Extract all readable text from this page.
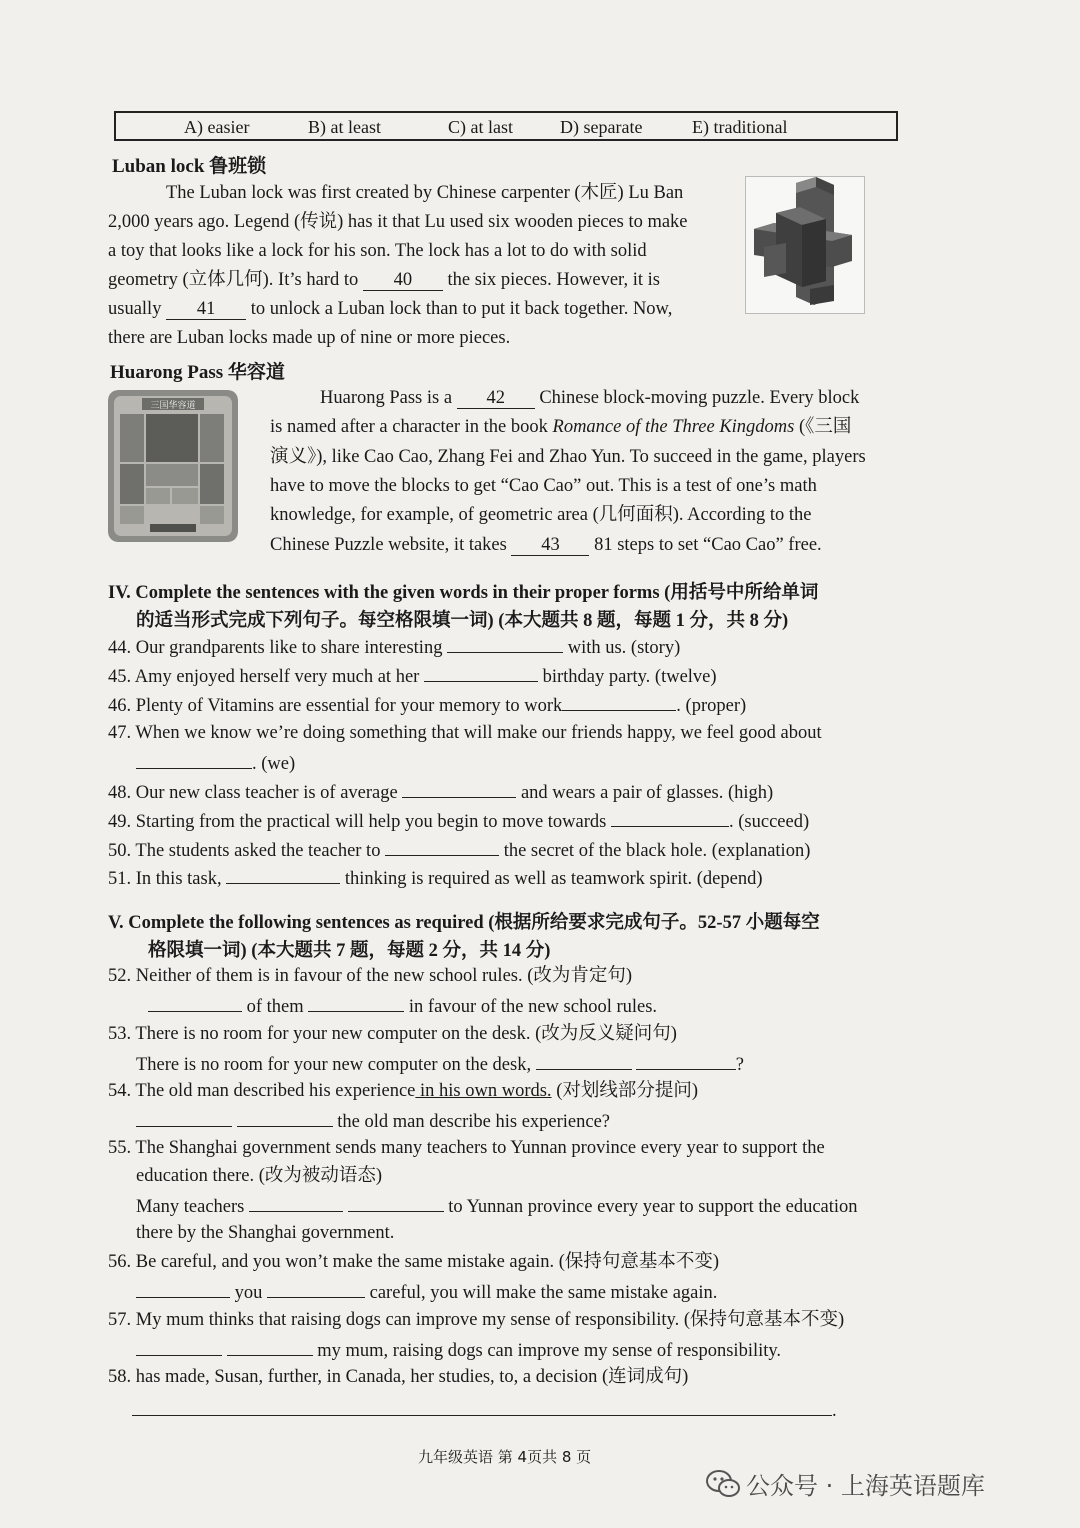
A) easier	B) at least	C) at last	D) separate	E) traditional
Luban lock 鲁班锁
The Luban lock was first created by Chinese carpenter (木匠) Lu Ban
2,000 years ago. Legend (传说) has it that Lu used six wooden pieces to make
a toy that looks like a lock for his son. The lock has a lot to do with solid
geometry (立体几何). It’s hard to 40 the six pieces. However, it is
usually 41 to unlock a Luban lock than to put it back together. Now,
there are Luban locks made up of nine or more pieces.
Huarong Pass 华容道
三国华容道	Huarong Pass is a 42 Chinese block-moving puzzle. Every block
is named after a character in the book Romance of the Three Kingdoms (《三国
演义》), like Cao Cao, Zhang Fei and Zhao Yun. To succeed in the game, players
have to move the blocks to get “Cao Cao” out. This is a test of one’s math
knowledge, for example, of geometric area (几何面积). According to the
Chinese Puzzle website, it takes 43 81 steps to set “Cao Cao” free.
IV. Complete the sentences with the given words in their proper forms (用括号中所给单词
的适当形式完成下列句子。每空格限填一词) (本大题共 8 题，每题 1 分，共 8 分)
44. Our grandparents like to share interesting	with us. (story)
45. Amy enjoyed herself very much at her	birthday party. (twelve)
46. Plenty of Vitamins are essential for your memory to work	. (proper)
47. When we know we’re doing something that will make our friends happy, we feel good about
. (we)
48. Our new class teacher is of average	and wears a pair of glasses. (high)
49. Starting from the practical will help you begin to move towards	. (succeed)
50. The students asked the teacher to	the secret of the black hole. (explanation)
51. In this task,	thinking is required as well as teamwork spirit. (depend)
V. Complete the following sentences as required (根据所给要求完成句子。52-57 小题每空
格限填一词) (本大题共 7 题，每题 2 分，共 14 分)
52. Neither of them is in favour of the new school rules. (改为肯定句)
of them	in favour of the new school rules.
53. There is no room for your new computer on the desk. (改为反义疑问句)
There is no room for your new computer on the desk,	?
54. The old man described his experience in his own words. (对划线部分提问)
the old man describe his experience?
55. The Shanghai government sends many teachers to Yunnan province every year to support the
education there. (改为被动语态)
Many teachers	to Yunnan province every year to support the education
there by the Shanghai government.
56. Be careful, and you won’t make the same mistake again. (保持句意基本不变)
you	careful, you will make the same mistake again.
57. My mum thinks that raising dogs can improve my sense of responsibility. (保持句意基本不变)
my mum, raising dogs can improve my sense of responsibility.
58. has made, Susan, further, in Canada, her studies, to, a decision (连词成句)
.
九年级英语 第 4页共 8 页
公众号 · 上海英语题库
